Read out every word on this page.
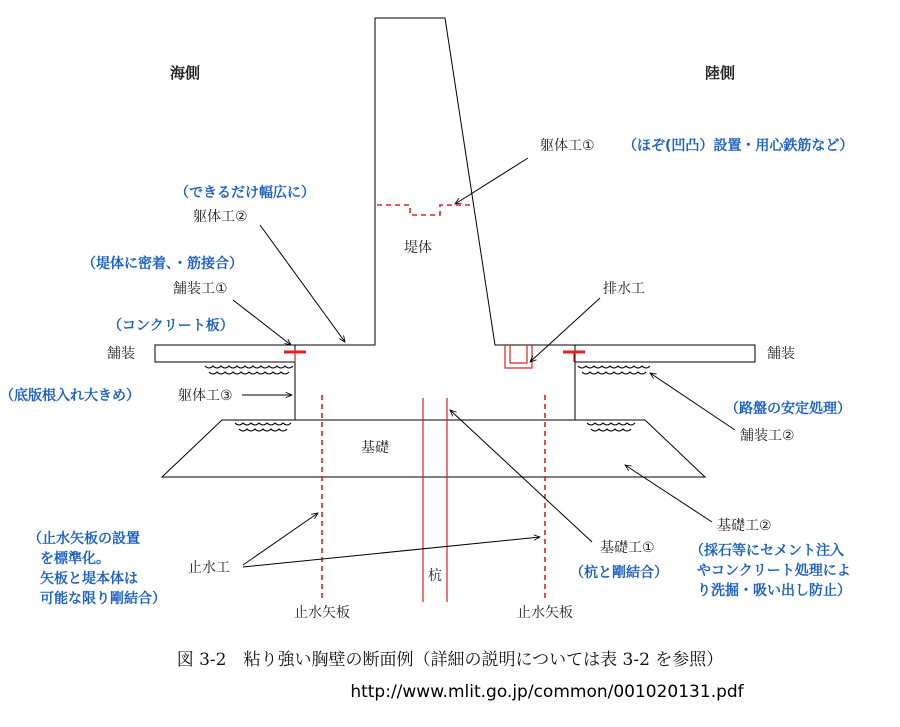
海側	陸側
堤体
基礎
杭
舗装	舗装
躯体工① （ほぞ(凹凸）設置・用心鉄筋など）
（できるだけ幅広に）
躯体工②
（堤体に密着、・筋接合）
舗装工①
（コンクリート板）
（底版根入れ大きめ）	躯体工③
排水工
（路盤の安定処理）
舗装工②
基礎工①
（杭と剛結合）
基礎工②
（採石等にセメント注入
やコンクリート処理によ
り洗掘・吸い出し防止）
（止水矢板の設置
を標準化。
矢板と堤本体は
可能な限り剛結合）
止水工
止水矢板	止水矢板
図 3-2　粘り強い胸壁の断面例（詳細の説明については表 3-2 を参照）
http://www.mlit.go.jp/common/001020131.pdf
